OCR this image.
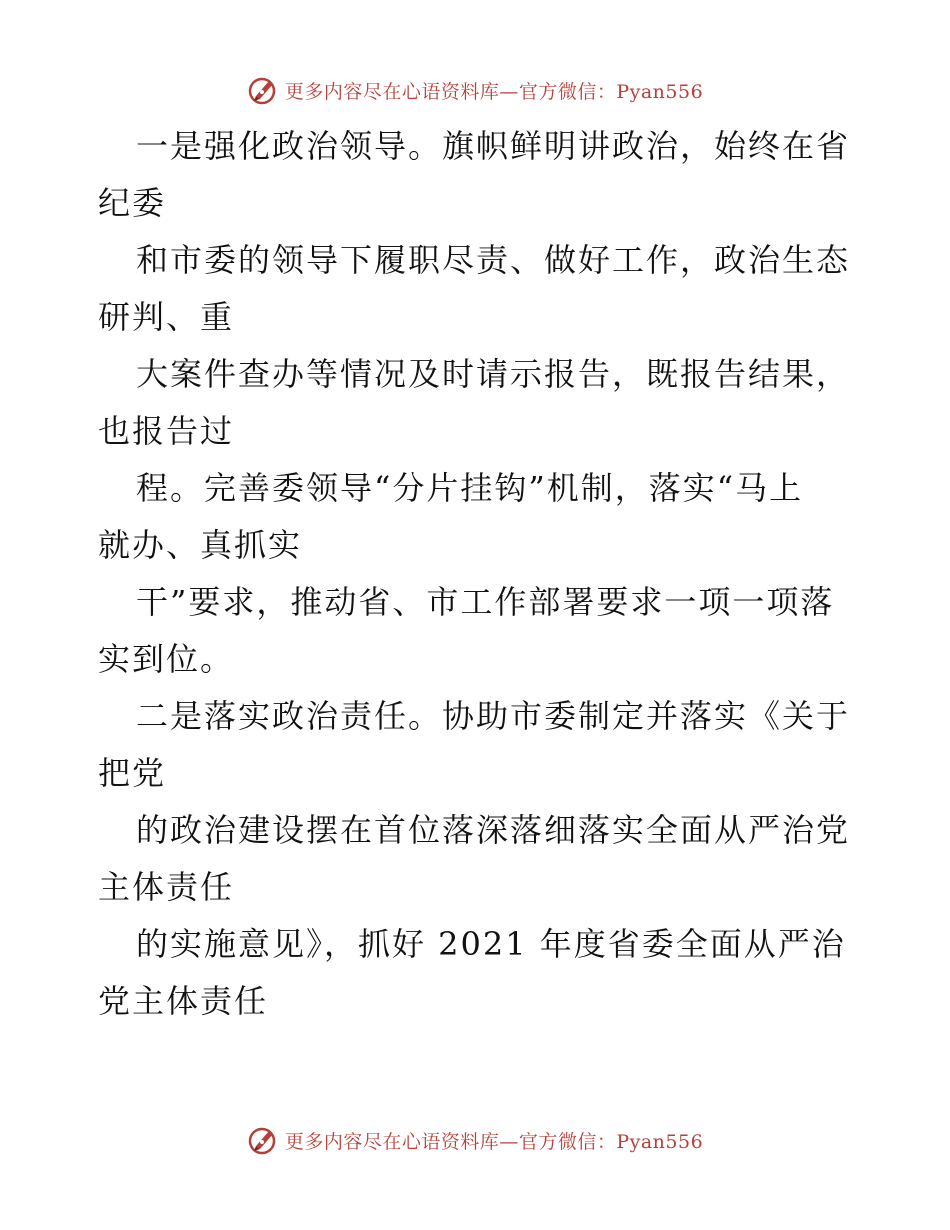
更多内容尽在心语资料库—官方微信：Pyan556
一是强化政治领导。旗帜鲜明讲政治，始终在省
纪委
和市委的领导下履职尽责、做好工作，政治生态
研判、重
大案件查办等情况及时请示报告，既报告结果，
也报告过
程。完善委领导“分片挂钩”机制，落实“马上
就办、真抓实
干”要求，推动省、市工作部署要求一项一项落
实到位。
二是落实政治责任。协助市委制定并落实《关于
把党
的政治建设摆在首位落深落细落实全面从严治党
主体责任
的实施意见》，抓好 2021 年度省委全面从严治
党主体责任
更多内容尽在心语资料库—官方微信：Pyan556
